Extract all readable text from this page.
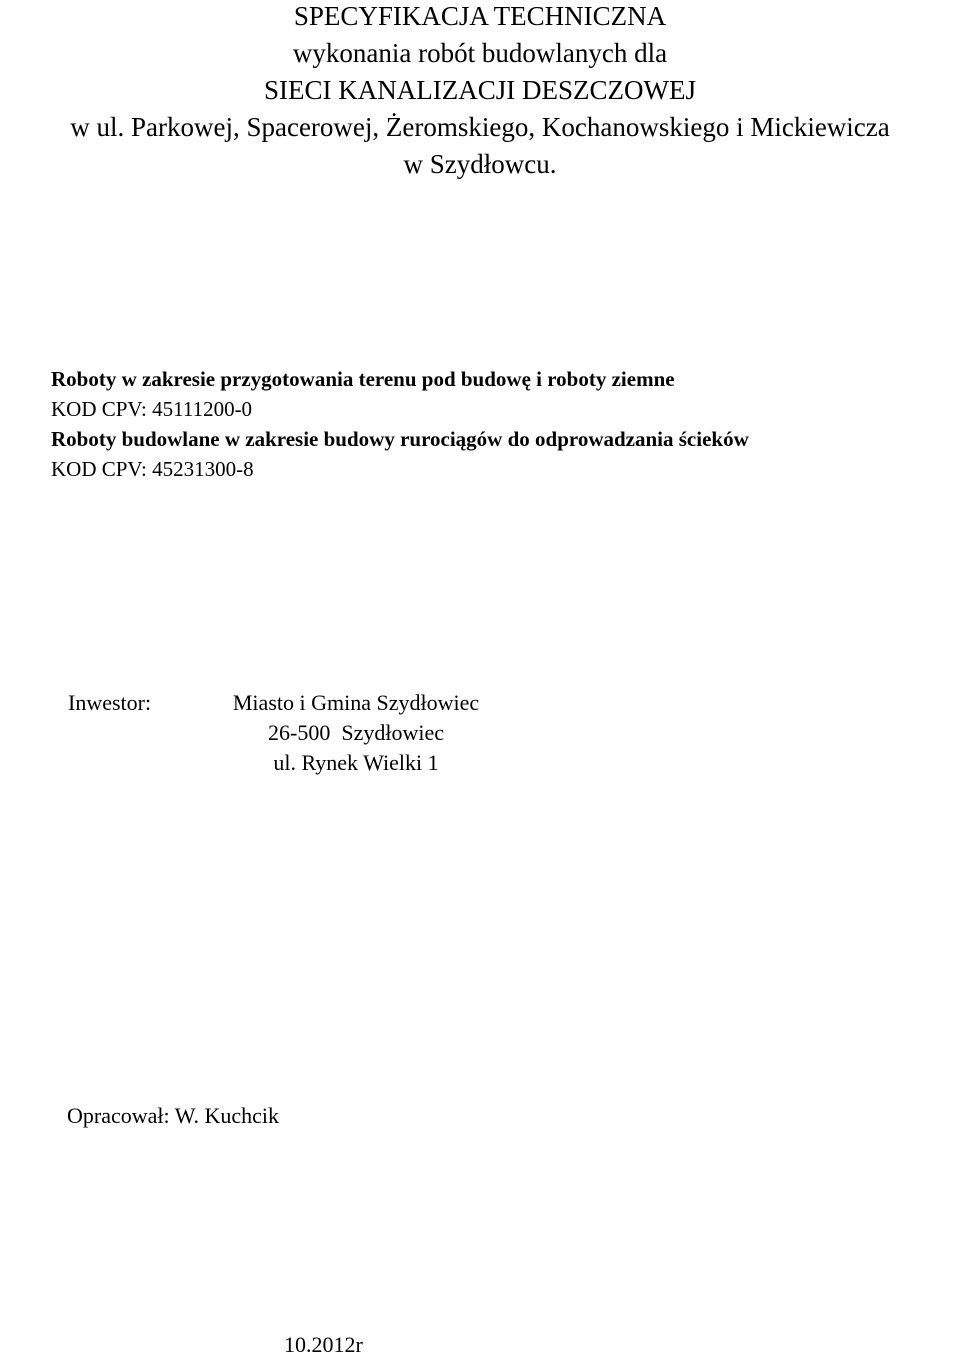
SPECYFIKACJA TECHNICZNA
wykonania robót budowlanych dla
SIECI KANALIZACJI DESZCZOWEJ
w ul. Parkowej, Spacerowej, Żeromskiego, Kochanowskiego i Mickiewicza
w Szydłowcu.
Roboty w zakresie przygotowania terenu pod budowę i roboty ziemne
KOD CPV: 45111200-0
Roboty budowlane w zakresie budowy rurociągów do odprowadzania ścieków
KOD CPV: 45231300-8
Inwestor:	Miasto i Gmina Szydłowiec
26-500  Szydłowiec
ul. Rynek Wielki 1
Opracował: W. Kuchcik
10.2012r
